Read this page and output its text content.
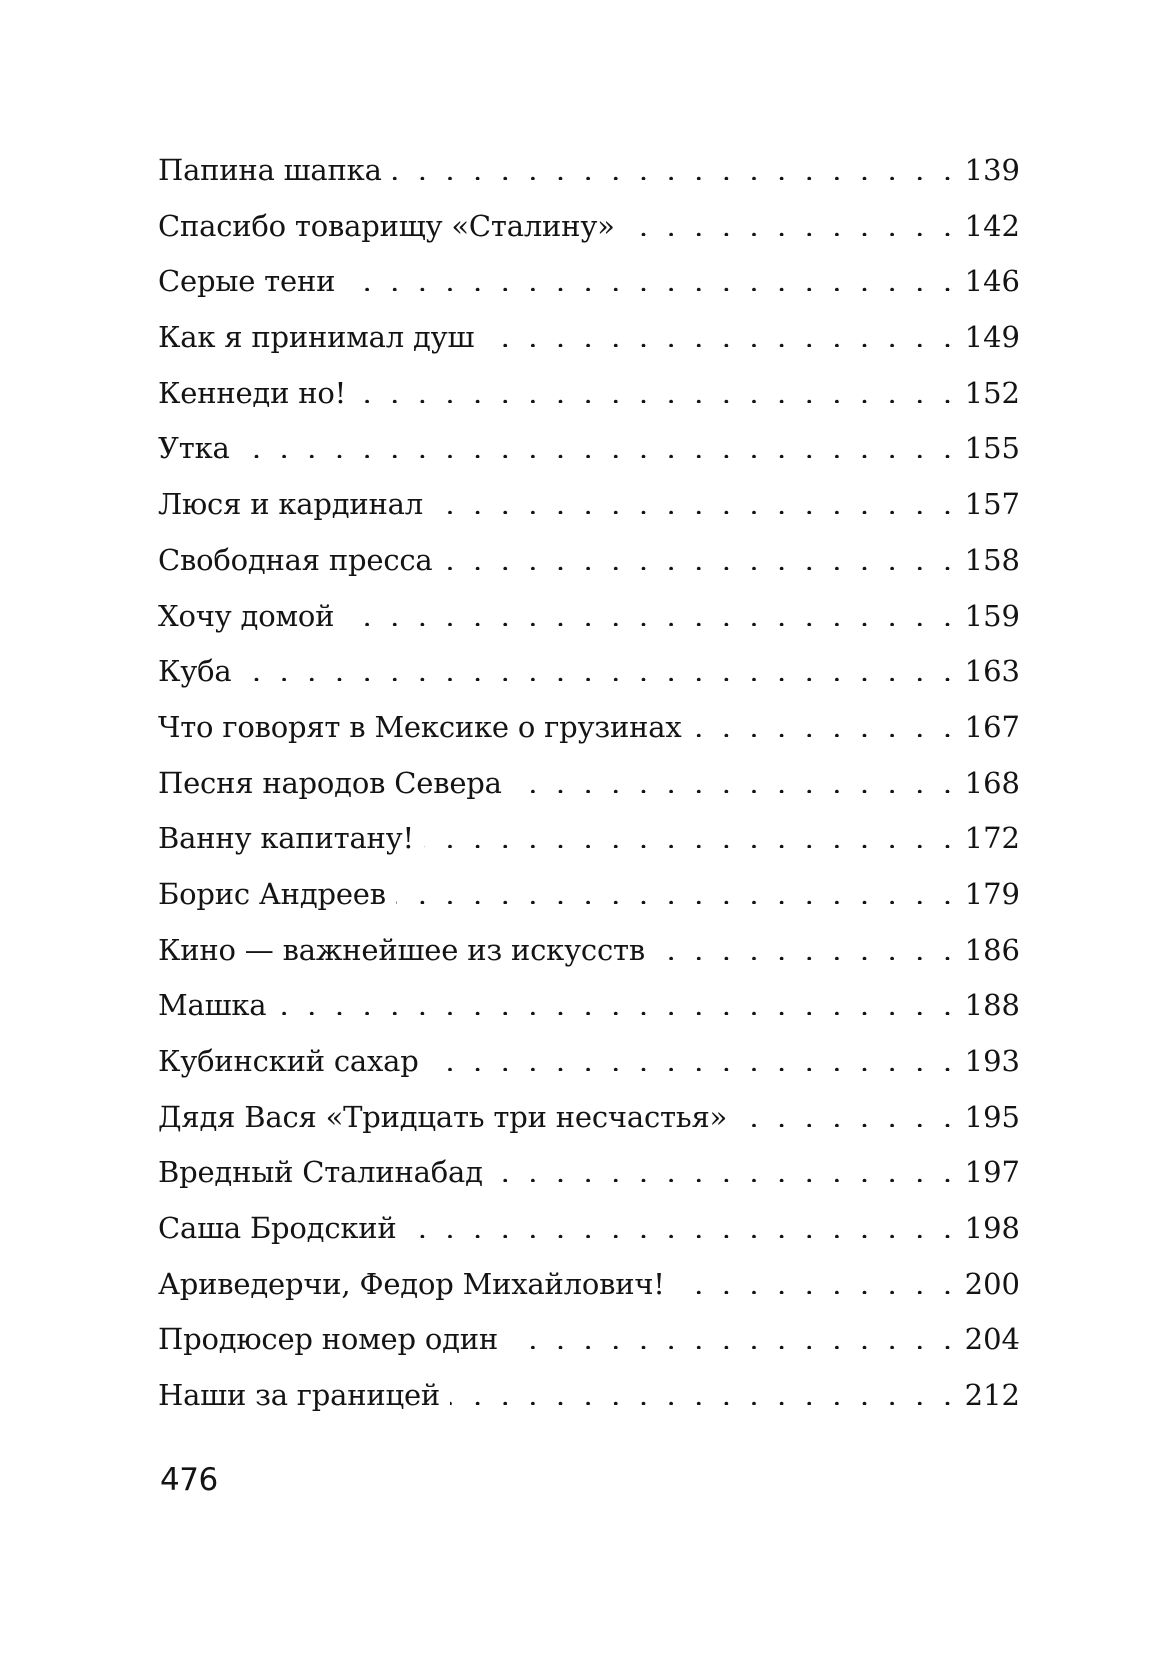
Папина шапка . . .	139
Спасибо товарищу «Сталину» . . .	142
Серые тени . . .	146
Как я принимал душ . . .	149
Кеннеди но! . . .	152
Утка . . .	155
Люся и кардинал . . .	157
Свободная пресса . . .	158
Хочу домой . . .	159
Куба . . .	163
Что говорят в Мексике о грузинах . . .	167
Песня народов Севера . . .	168
Ванну капитану! . . .	172
Борис Андреев . . .	179
Кино — важнейшее из искусств . . .	186
Машка . . .	188
Кубинский сахар . . .	193
Дядя Вася «Тридцать три несчастья» . . .	195
Вредный Сталинабад . . .	197
Саша Бродский . . .	198
Ариведерчи, Федор Михайлович! . . .	200
Продюсер номер один . . .	204
Наши за границей . . .	212
476
